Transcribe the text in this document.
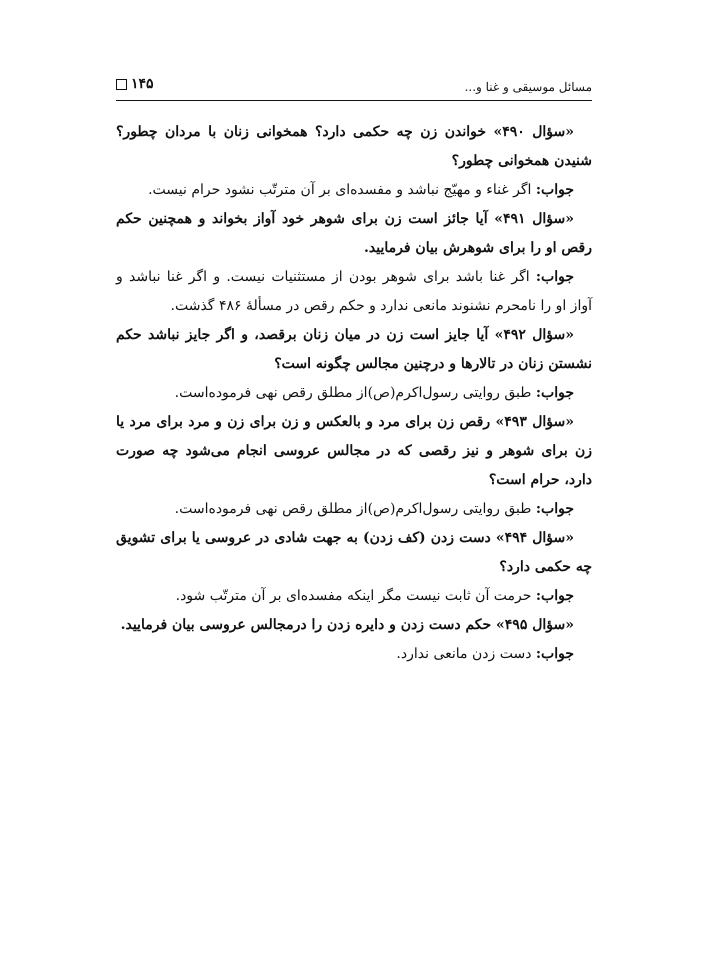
مسائل موسیقی و غنا و...
۱۴۵

«سؤال ۴۹۰» خواندن زن چه حکمی دارد؟ همخوانی زنان با مردان چطور؟ شنیدن همخوانی چطور؟

جواب: اگر غناء و مهیّج نباشد و مفسده‌ای بر آن مترتّب نشود حرام نیست.

«سؤال ۴۹۱» آیا جائز است زن برای شوهر خود آواز بخواند و همچنین حکم رقص او را برای شوهرش بیان فرمایید.

جواب: اگر غنا باشد برای شوهر بودن از مستثنیات نیست. و اگر غنا نباشد و آواز او را نامحرم نشنوند مانعی ندارد و حکم رقص در مسألهٔ ۴۸۶ گذشت.

«سؤال ۴۹۲» آیا جایز است زن در میان زنان برقصد، و اگر جایز نباشد حکم نشستن زنان در تالارها و درچنین مجالس چگونه است؟

جواب: طبق روایتی رسول‌اکرم(ص)از مطلق رقص نهی فرموده‌است.

«سؤال ۴۹۳» رقص زن برای مرد و بالعکس و زن برای زن و مرد برای مرد یا زن برای شوهر و نیز رقصی که در مجالس عروسی انجام می‌شود چه صورت دارد، حرام است؟

جواب: طبق روایتی رسول‌اکرم(ص)از مطلق رقص نهی فرموده‌است.

«سؤال ۴۹۴» دست زدن (کف زدن) به جهت شادی در عروسی یا برای تشویق چه حکمی دارد؟

جواب: حرمت آن ثابت نیست مگر اینکه مفسده‌ای بر آن مترتّب شود.

«سؤال ۴۹۵» حکم دست زدن و دایره زدن را درمجالس عروسی بیان فرمایید.

جواب: دست زدن مانعی ندارد.
